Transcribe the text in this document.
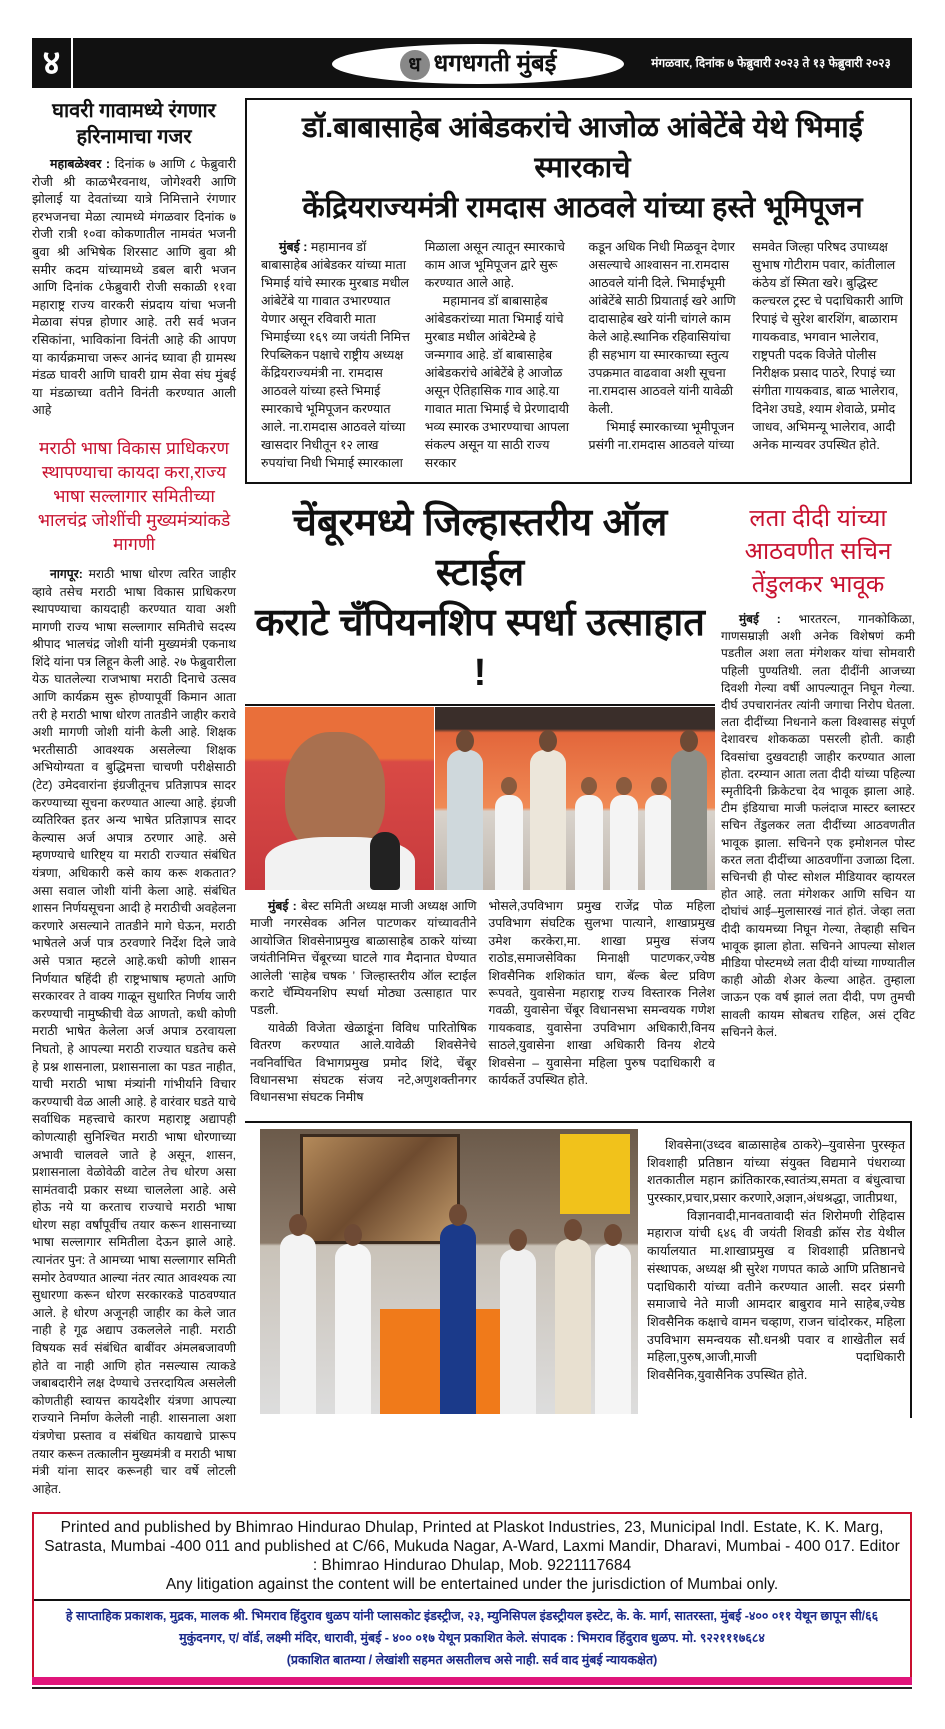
४	ध धगधगती मुंबई	मंगळवार, दिनांक ७ फेब्रुवारी २०२३ ते १३ फेब्रुवारी २०२३
घावरी गावामध्ये रंगणार हरिनामाचा गजर

महाबळेश्वर : दिनांक ७ आणि ८ फेब्रुवारी रोजी श्री काळभैरवनाथ, जोगेश्वरी आणि झोलाई या देवतांच्या यात्रे निमित्ताने रंगणार हरभजनचा मेळा त्यामध्ये मंगळवार दिनांक ७ रोजी रात्री १०वा कोकणातील नामवंत भजनी बुवा श्री अभिषेक शिरसाट आणि बुवा श्री समीर कदम यांच्यामध्ये डबल बारी भजन आणि दिनांक ८फेब्रुवारी रोजी सकाळी ११वा महाराष्ट्र राज्य वारकरी संप्रदाय यांचा भजनी मेळावा संपन्न होणार आहे. तरी सर्व भजन रसिकांना, भाविकांना विनंती आहे की आपण या कार्यक्रमाचा जरूर आनंद घ्यावा ही ग्रामस्थ मंडळ घावरी आणि घावरी ग्राम सेवा संघ मुंबई या मंडळाच्या वतीने विनंती करण्यात आली आहे

मराठी भाषा विकास प्राधिकरण स्थापण्याचा कायदा करा,राज्य भाषा सल्लागार समितीच्या भालचंद्र जोशींची मुख्यमंत्र्यांकडे मागणी

नागपूर: मराठी भाषा धोरण त्वरित जाहीर व्हावे तसेच मराठी भाषा विकास प्राधिकरण स्थापण्याचा कायदाही करण्यात यावा अशी मागणी राज्य भाषा सल्लागार समितीचे सदस्य श्रीपाद भालचंद्र जोशी यांनी मुख्यमंत्री एकनाथ शिंदे यांना पत्र लिहून केली आहे. २७ फेब्रुवारीला येऊ घातलेल्या राजभाषा मराठी दिनाचे उत्सव आणि कार्यक्रम सुरू होण्यापूर्वी किमान आता तरी हे मराठी भाषा धोरण तातडीने जाहीर करावे अशी मागणी जोशी यांनी केली आहे. शिक्षक भरतीसाठी आवश्यक असलेल्या शिक्षक अभियोग्यता व बुद्धिमत्ता चाचणी परीक्षेसाठी (टेट) उमेदवारांना इंग्रजीतूनच प्रतिज्ञापत्र सादर करण्याच्या सूचना करण्यात आल्या आहे. इंग्रजी व्यतिरिक्त इतर अन्य भाषेत प्रतिज्ञापत्र सादर केल्यास अर्ज अपात्र ठरणार आहे. असे म्हणण्याचे धारिष्ट्य या मराठी राज्यात संबंधित यंत्रणा, अधिकारी कसे काय करू शकतात? असा सवाल जोशी यांनी केला आहे. संबंधित शासन निर्णयसूचना आदी हे मराठीची अवहेलना करणारे असल्याने तातडीने मागे घेऊन, मराठी भाषेतले अर्ज पात्र ठरवणारे निर्देश दिले जावे असे पत्रात म्हटले आहे.कधी कोणी शासन निर्णयात षहिंदी ही राष्ट्रभाषाष म्हणतो आणि सरकारवर ते वाक्य गाळून सुधारित निर्णय जारी करण्याची नामुष्कीची वेळ आणतो, कधी कोणी मराठी भाषेत केलेला अर्ज अपात्र ठरवायला निघतो, हे आपल्या मराठी राज्यात घडतेच कसे हे प्रश्न शासनाला, प्रशासनाला का पडत नाहीत, याची मराठी भाषा मंत्र्यांनी गांभीर्याने विचार करण्याची वेळ आली आहे. हे वारंवार घडते याचे सर्वाधिक महत्त्वाचे कारण महाराष्ट्र अद्यापही कोणत्याही सुनिश्चित मराठी भाषा धोरणाच्या अभावी चालवले जाते हे असून, शासन, प्रशासनाला वेळोवेळी वाटेल तेच धोरण असा सामंतवादी प्रकार सध्या चाललेला आहे. असे होऊ नये या करताच राज्याचे मराठी भाषा धोरण सहा वर्षांपूर्वीच तयार करून शासनाच्या भाषा सल्लागार समितीला देऊन झाले आहे. त्यानंतर पुन: ते आमच्या भाषा सल्लागार समिती समोर ठेवण्यात आल्या नंतर त्यात आवश्यक त्या सुधारणा करून धोरण सरकारकडे पाठवण्यात आले. हे धोरण अजूनही जाहीर का केले जात नाही हे गूढ अद्याप उकललेले नाही. मराठी विषयक सर्व संबंधित बाबींवर अंमलबजावणी होते वा नाही आणि होत नसल्यास त्याकडे जबाबदारीने लक्ष देण्याचे उत्तरदायित्व असलेली कोणतीही स्वायत्त कायदेशीर यंत्रणा आपल्या राज्याने निर्माण केलेली नाही. शासनाला अशा यंत्रणेचा प्रस्ताव व संबंधित कायद्याचे प्रारूप तयार करून तत्कालीन मुख्यमंत्री व मराठी भाषा मंत्री यांना सादर करूनही चार वर्षे लोटली आहेत.

डॉ.बाबासाहेब आंबेडकरांचे आजोळ आंबेटेंबे येथे भिमाई स्मारकाचे
केंद्रियराज्यमंत्री रामदास आठवले यांच्या हस्ते भूमिपूजन

मुंबई : महामानव डॉ बाबासाहेब आंबेडकर यांच्या माता भिमाई यांचे स्मारक मुरबाड मधील आंबेटेंबे या गावात उभारण्यात येणार असून रविवारी माता भिमाईच्या १६९ व्या जयंती निमित्त रिपब्लिकन पक्षाचे राष्ट्रीय अध्यक्ष केंद्रियराज्यमंत्री ना. रामदास आठवले यांच्या हस्ते भिमाई स्मारकाचे भूमिपूजन करण्यात आले. ना.रामदास आठवले यांच्या खासदार निधीतून १२ लाख रुपयांचा निधी भिमाई स्मारकाला

मिळाला असून त्यातून स्मारकाचे काम आज भूमिपूजन द्वारे सुरू करण्यात आले आहे.

महामानव डॉ बाबासाहेब आंबेडकरांच्या माता भिमाई यांचे मुरबाड मधील आंबेटेम्बे हे जन्मगाव आहे. डॉ बाबासाहेब आंबेडकरांचे आंबेटेंबे हे आजोळ असून ऐतिहासिक गाव आहे.या गावात माता भिमाई चे प्रेरणादायी भव्य स्मारक उभारण्याचा आपला संकल्प असून या साठी राज्य सरकार

कडून अधिक निधी मिळवून देणार असल्याचे आश्वासन ना.रामदास आठवले यांनी दिले. भिमाईभूमी आंबेटेंबे साठी प्रियाताई खरे आणि दादासाहेब खरे यांनी चांगले काम केले आहे.स्थानिक रहिवासियांचा ही सहभाग या स्मारकाच्या स्तुत्य उपक्रमात वाढवावा अशी सूचना ना.रामदास आठवले यांनी यावेळी केली.

भिमाई स्मारकाच्या भूमीपूजन प्रसंगी ना.रामदास आठवले यांच्या

समवेत जिल्हा परिषद उपाध्यक्ष सुभाष गोटीराम पवार, कांतीलाल कंठेय डॉ स्मिता खरे। बुद्धिस्ट कल्चरल ट्रस्ट चे पदाधिकारी आणि रिपाइं चे सुरेश बारशिंग, बाळाराम गायकवाड, भगवान भालेराव, राष्ट्रपती पदक विजेते पोलीस निरीक्षक प्रसाद पाठरे, रिपाइं च्या संगीता गायकवाड, बाळ भालेराव, दिनेश उघडे, श्याम शेवाळे, प्रमोद जाधव, अभिमन्यू भालेराव, आदी अनेक मान्यवर उपस्थित होते.
चेंबूरमध्ये जिल्हास्तरीय ऑल स्टाईल
कराटे चॅंपियनशिप स्पर्धा उत्साहात !

मुंबई : बेस्ट समिती अध्यक्ष माजी अध्यक्ष आणि माजी नगरसेवक अनिल पाटणकर यांच्यावतीने आयोजित शिवसेनाप्रमुख बाळासाहेब ठाकरे यांच्या जयंतीनिमित्त चेंबूरच्या घाटले गाव मैदानात घेण्यात आलेली ‘साहेब चषक ’ जिल्हास्तरीय ऑल स्टाईल कराटे चॅम्पियनशिप स्पर्धा मोठ्या उत्साहात पार पडली.

यावेळी विजेता खेळाडूंना विविध पारितोषिक वितरण करण्यात आले.यावेळी शिवसेनेचे नवनिर्वाचित विभागप्रमुख प्रमोद शिंदे, चेंबूर विधानसभा संघटक संजय नटे,अणुशक्तीनगर विधानसभा संघटक निमीष

भोसले,उपविभाग प्रमुख राजेंद्र पोळ महिला उपविभाग संघटिक सुलभा पात्याने, शाखाप्रमुख उमेश करकेरा,मा. शाखा प्रमुख संजय राठोड,समाजसेविका मिनाक्षी पाटणकर,ज्येष्ठ शिवसैनिक शशिकांत घाग, बॅल्क बेल्ट प्रविण रूपवते, युवासेना महाराष्ट्र राज्य विस्तारक निलेश गवळी, युवासेना चेंबूर विधानसभा समन्वयक गणेश गायकवाड, युवासेना उपविभाग अधिकारी,विनय साठले,युवासेना शाखा अधिकारी विनय शेटये शिवसेना – युवासेना महिला पुरुष पदाधिकारी व कार्यकर्ते उपस्थित होते.
लता दीदी यांच्या आठवणीत सचिन तेंडुलकर भावूक

मुंबई : भारतरत्न, गानकोकिळा, गाणसम्राज्ञी अशी अनेक विशेषणं कमी पडतील अशा लता मंगेशकर यांचा सोमवारी पहिली पुण्यतिथी. लता दीदींनी आजच्या दिवशी गेल्या वर्षी आपल्यातून निघून गेल्या. दीर्घ उपचारानंतर त्यांनी जगाचा निरोप घेतला. लता दीदींच्या निधनाने कला विश्वासह संपूर्ण देशावरच शोककळा पसरली होती. काही दिवसांचा दुखवटाही जाहीर करण्यात आला होता. दरम्यान आता लता दीदी यांच्या पहिल्या स्मृतीदिनी क्रिकेटचा देव भावूक झाला आहे. टीम इंडियाचा माजी फलंदाज मास्टर ब्लास्टर सचिन तेंडुलकर लता दीदींच्या आठवणतीत भावूक झाला. सचिनने एक इमोशनल पोस्ट करत लता दीदींच्या आठवणींना उजाळा दिला. सचिनची ही पोस्ट सोशल मीडियावर व्हायरल होत आहे. लता मंगेशकर आणि सचिन या दोघांचं आई–मुलासारखं नातं होतं. जेव्हा लता दीदी कायमच्या निघून गेल्या, तेव्हाही सचिन भावूक झाला होता. सचिनने आपल्या सोशल मीडिया पोस्टमध्ये लता दीदी यांच्या गाण्यातील काही ओळी शेअर केल्या आहेत. तुम्हाला जाऊन एक वर्ष झालं लता दीदी, पण तुमची सावली कायम सोबतच राहिल, असं ट्विट सचिनने केलं.

शिवसेना(उध्दव बाळासाहेब ठाकरे)–युवासेना पुरस्कृत शिवशाही प्रतिष्ठान यांच्या संयुक्त विद्यमाने पंधराव्या शतकातील महान क्रांतिकारक,स्वातंत्र्य,समता व बंधुत्वाचा पुरस्कार,प्रचार,प्रसार करणारे,अज्ञान,अंधश्रद्धा, जातीप्रथा,

विज्ञानवादी,मानवतावादी संत शिरोमणी रोहिदास महाराज यांची ६४६ वी जयंती शिवडी क्रॉस रोड येथील कार्यालयात मा.शाखाप्रमुख व शिवशाही प्रतिष्ठानचे संस्थापक, अध्यक्ष श्री सुरेश गणपत काळे आणि प्रतिष्ठानचे पदाधिकारी यांच्या वतीने करण्यात आली. सदर प्रंसगी समाजाचे नेते माजी आमदार बाबुराव माने साहेब,ज्येष्ठ शिवसैनिक कक्षाचे वामन चव्हाण, राजन चांदोरकर, महिला उपविभाग समन्वयक सौ.धनश्री पवार व शाखेतील सर्व महिला,पुरुष,आजी,माजी पदाधिकारी शिवसैनिक,युवासैनिक उपस्थित होते.

Printed and published by Bhimrao Hindurao Dhulap, Printed at Plaskot Industries, 23, Municipal Indl. Estate, K. K. Marg, Satrasta, Mumbai -400 011 and published at C/66, Mukuda Nagar, A-Ward, Laxmi Mandir, Dharavi, Mumbai - 400 017. Editor : Bhimrao Hindurao Dhulap, Mob. 9221117684
Any litigation against the content will be entertained under the jurisdiction of Mumbai only.
हे साप्ताहिक प्रकाशक, मुद्रक, मालक श्री. भिमराव हिंदुराव धुळप यांनी प्लासकोट इंडस्ट्रीज, २३, म्युनिसिपल इंडस्ट्रीयल इस्टेट, के. के. मार्ग, सातरस्ता, मुंबई -४०० ०११ येथून छापून सी/६६ मुकुंदनगर, ए/ वॉर्ड, लक्ष्मी मंदिर, धारावी, मुंबई - ४०० ०१७ येथून प्रकाशित केले. संपादक : भिमराव हिंदुराव धुळप. मो. ९२२१११७६८४
(प्रकाशित बातम्या / लेखांशी सहमत असतीलच असे नाही. सर्व वाद मुंबई न्यायकक्षेत)
